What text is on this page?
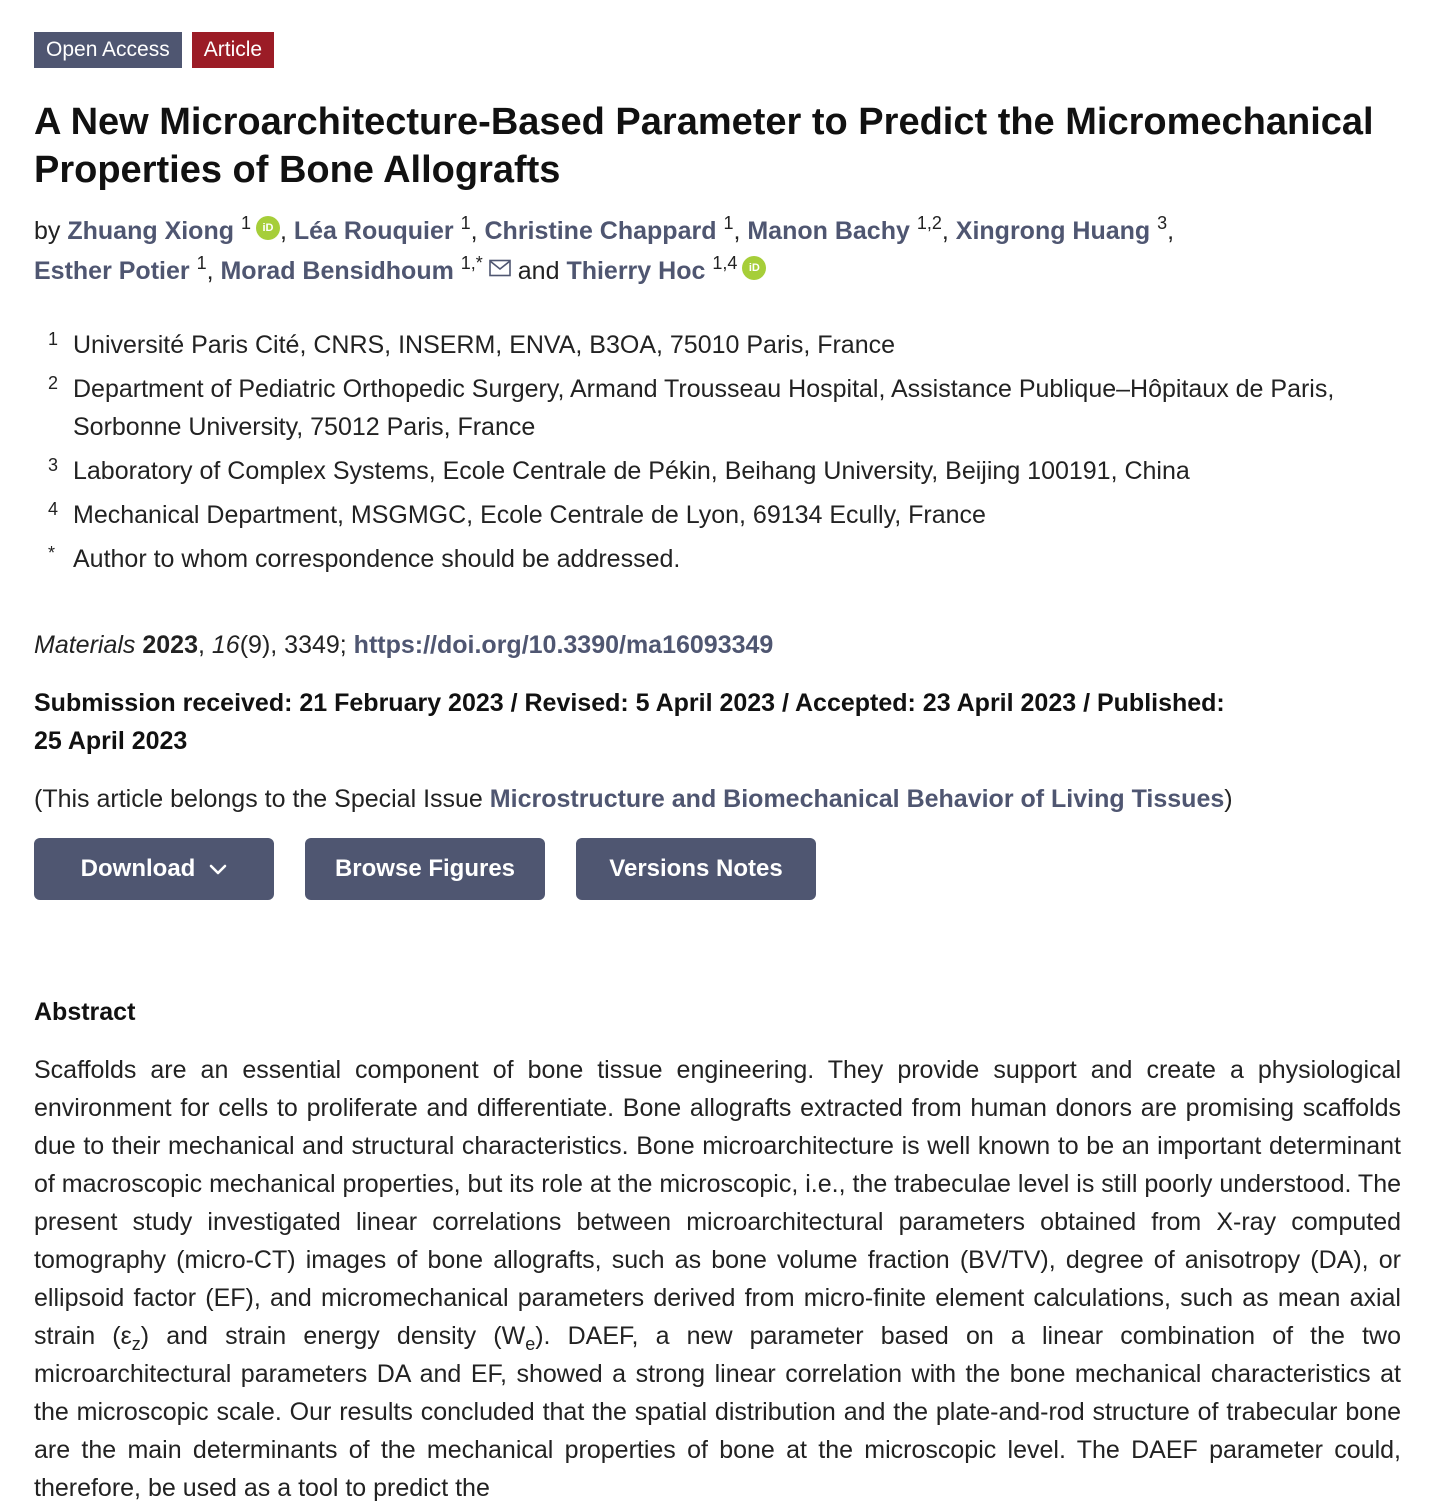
Open Access	Article
A New Microarchitecture-Based Parameter to Predict the Micromechanical Properties of Bone Allografts
by Zhuang Xiong $^1$ iD , Léa Rouquier $^1$, Christine Chappard $^1$, Manon Bachy $^{1,2}$, Xingrong Huang $^3$,
Esther Potier $^1$, Morad Bensidhoum $^{1,*}$ and Thierry Hoc $^{1,4}$ iD
1 Université Paris Cité, CNRS, INSERM, ENVA, B3OA, 75010 Paris, France
2 Department of Pediatric Orthopedic Surgery, Armand Trousseau Hospital, Assistance Publique–Hôpitaux de Paris, Sorbonne University, 75012 Paris, France
3 Laboratory of Complex Systems, Ecole Centrale de Pékin, Beihang University, Beijing 100191, China
4 Mechanical Department, MSGMGC, Ecole Centrale de Lyon, 69134 Ecully, France
* Author to whom correspondence should be addressed.
Materials 2023, 16(9), 3349; https://doi.org/10.3390/ma16093349
Submission received: 21 February 2023 / Revised: 5 April 2023 / Accepted: 23 April 2023 / Published: 25 April 2023
(This article belongs to the Special Issue Microstructure and Biomechanical Behavior of Living Tissues)
Download	Browse Figures	Versions Notes
Abstract

Scaffolds are an essential component of bone tissue engineering. They provide support and create a physiological environment for cells to proliferate and differentiate. Bone allografts extracted from human donors are promising scaffolds due to their mechanical and structural characteristics. Bone microarchitecture is well known to be an important determinant of macroscopic mechanical properties, but its role at the microscopic, i.e., the trabeculae level is still poorly understood. The present study investigated linear correlations between microarchitectural parameters obtained from X-ray computed tomography (micro-CT) images of bone allografts, such as bone volume fraction (BV/TV), degree of anisotropy (DA), or ellipsoid factor (EF), and micromechanical parameters derived from micro-finite element calculations, such as mean axial strain $(\varepsilon_z)$ and strain energy density $(W_e)$. DAEF, a new parameter based on a linear combination of the two microarchitectural parameters DA and EF, showed a strong linear correlation with the bone mechanical characteristics at the microscopic scale. Our results concluded that the spatial distribution and the plate-and-rod structure of trabecular bone are the main determinants of the mechanical properties of bone at the microscopic level. The DAEF parameter could, therefore, be used as a tool to predict the
